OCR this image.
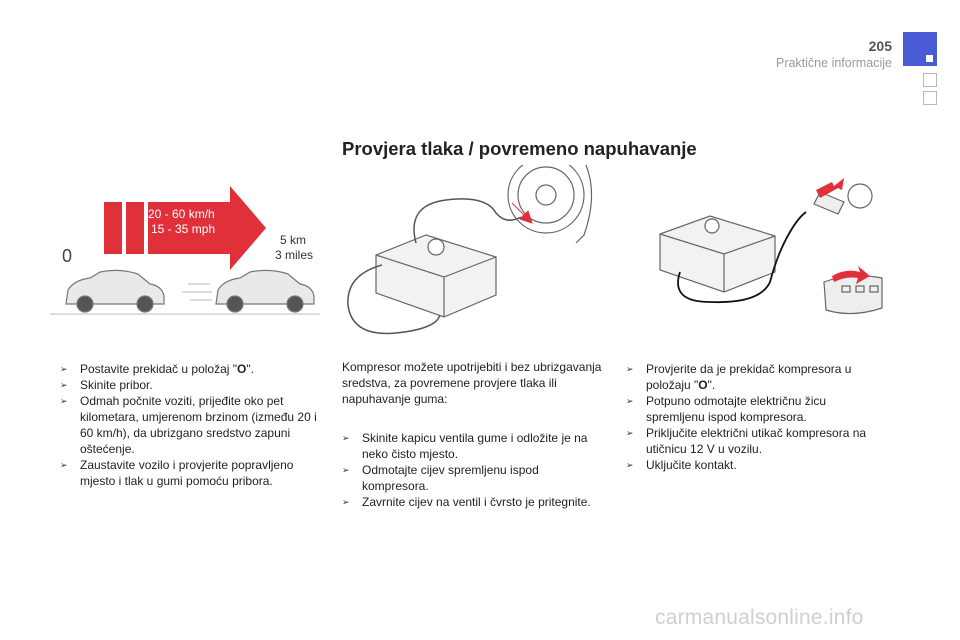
205
Praktične informacije
Provjera tlaka / povremeno napuhavanje
20 - 60 km/h
15 - 35 mph
5 km
3 miles
0
➢ Postavite prekidač u položaj "O".
➢ Skinite pribor.
➢ Odmah počnite voziti, prijeđite oko pet kilometara, umjerenom brzinom (između 20 i 60 km/h), da ubrizgano sredstvo zapuni oštećenje.
➢ Zaustavite vozilo i provjerite popravljeno mjesto i tlak u gumi pomoću pribora.

Kompresor možete upotrijebiti i bez ubrizgavanja sredstva, za povremene provjere tlaka ili napuhavanje guma:

➢ Skinite kapicu ventila gume i odložite je na neko čisto mjesto.
➢ Odmotajte cijev spremljenu ispod kompresora.
➢ Zavrnite cijev na ventil i čvrsto je pritegnite.
➢ Provjerite da je prekidač kompresora u položaju "O".
➢ Potpuno odmotajte električnu žicu spremljenu ispod kompresora.
➢ Priključite električni utikač kompresora na utičnicu 12 V u vozilu.
➢ Uključite kontakt.
carmanualsonline.info
